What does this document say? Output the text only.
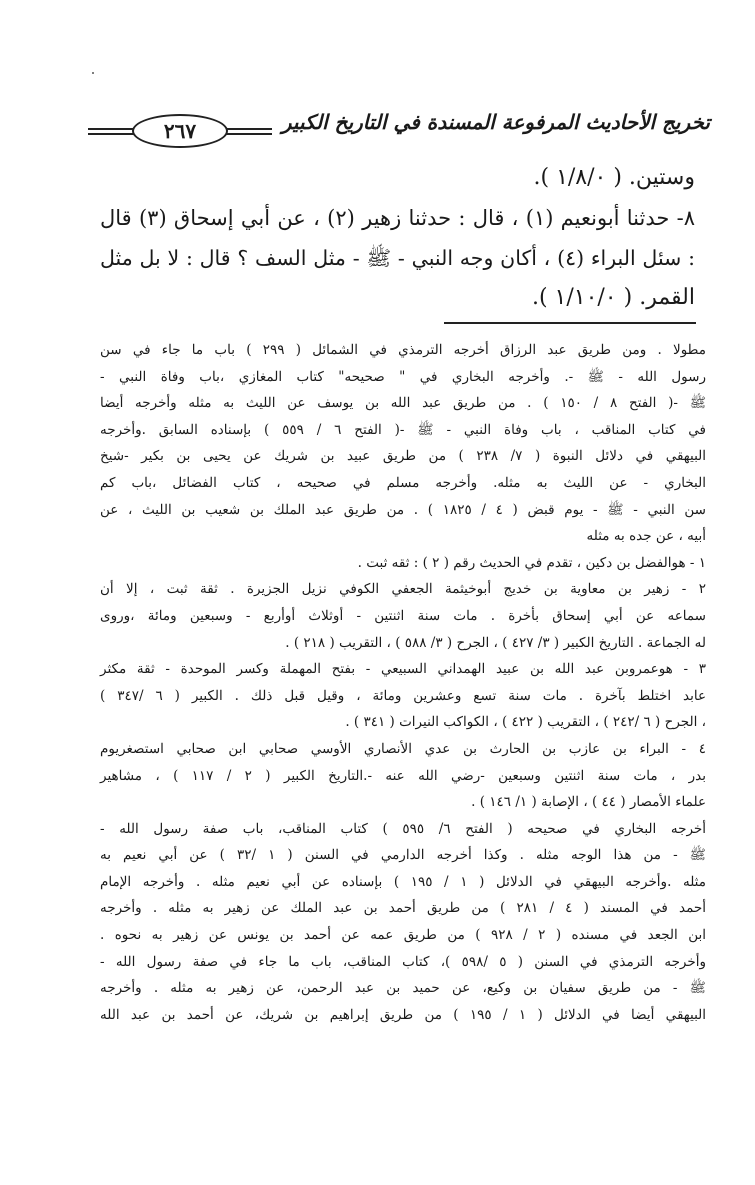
٢٦٧	تخريج الأحاديث المرفوعة المسندة في التاريخ الكبير
وستين. ( ١/٨/٠ ).
٨- حدثنا أبونعيم (١) ، قال : حدثنا زهير (٢) ، عن أبي إسحاق (٣) قال
: سئل البراء (٤) ، أكان وجه النبي - ﷺ - مثل السف ؟ قال : لا بل مثل
القمر. ( ١/١٠/٠ ).
مطولا . ومن طريق عبد الرزاق أخرجه الترمذي في الشمائل ( ٢٩٩ ) باب ما جاء في سن
رسول الله - ﷺ -. وأخرجه البخاري في " صحيحه" كتاب المغازي ،باب وفاة النبي -
ﷺ -( الفتح ٨ / ١٥٠ ) . من طريق عبد الله بن يوسف عن الليث به مثله وأخرجه أيضا
في كتاب المناقب ، باب وفاة النبي - ﷺ -( الفتح ٦ / ٥٥٩ ) بإسناده السابق .وأخرجه
البيهقي في دلائل النبوة ( ٧/ ٢٣٨ ) من طريق عبيد بن شريك عن يحيى بن بكير -شيخ
البخاري - عن الليث به مثله. وأخرجه مسلم في صحيحه ، كتاب الفضائل ،باب كم
سن النبي - ﷺ - يوم قبض ( ٤ / ١٨٢٥ ) . من طريق عبد الملك بن شعيب بن الليث ، عن
أبيه ، عن جده به مثله
١ - هوالفضل بن دكين ، تقدم في الحديث رقم ( ٢ ) : ثقه ثبت .
٢ - زهير بن معاوية بن خديج أبوخيثمة الجعفي الكوفي نزيل الجزيرة . ثقة ثبت ، إلا أن
سماعه عن أبي إسحاق بأخرة . مات سنة اثنتين - أوثلاث أوأربع - وسبعين ومائة ،وروى
له الجماعة . التاريخ الكبير ( ٣/ ٤٢٧ ) ، الجرح ( ٣/ ٥٨٨ ) ، التقريب ( ٢١٨ ) .
٣ - هوعمروبن عبد الله بن عبيد الهمداني السبيعي - بفتح المهملة وكسر الموحدة - ثقة مكثر
عابد اختلط بآخرة . مات سنة تسع وعشرين ومائة ، وقيل قبل ذلك . الكبير ( ٦ /٣٤٧ )
، الجرح ( ٦ /٢٤٢ ) ، التقريب ( ٤٢٢ ) ، الكواكب النيرات ( ٣٤١ ) .
٤ - البراء بن عازب بن الحارث بن عدي الأنصاري الأوسي صحابي ابن صحابي استصغريوم
بدر ، مات سنة اثنتين وسبعين -رضي الله عنه -.التاريخ الكبير ( ٢ / ١١٧ ) ، مشاهير
علماء الأمصار ( ٤٤ ) ، الإصابة ( ١/ ١٤٦ ) .
أخرجه البخاري في صحيحه ( الفتح ٦/ ٥٩٥ ) كتاب المناقب، باب صفة رسول الله -
ﷺ - من هذا الوجه مثله . وكذا أخرجه الدارمي في السنن ( ١ /٣٢ ) عن أبي نعيم به
مثله .وأخرجه البيهقي في الدلائل ( ١ / ١٩٥ ) بإسناده عن أبي نعيم مثله . وأخرجه الإمام
أحمد في المسند ( ٤ / ٢٨١ ) من طريق أحمد بن عبد الملك عن زهير به مثله . وأخرجه
ابن الجعد في مسنده ( ٢ / ٩٢٨ ) من طريق عمه عن أحمد بن يونس عن زهير به نحوه .
وأخرجه الترمذي في السنن ( ٥ /٥٩٨ )، كتاب المناقب، باب ما جاء في صفة رسول الله -
ﷺ - من طريق سفيان بن وكيع، عن حميد بن عبد الرحمن، عن زهير به مثله . وأخرجه
البيهقي أيضا في الدلائل ( ١ / ١٩٥ ) من طريق إبراهيم بن شريك، عن أحمد بن عبد الله
